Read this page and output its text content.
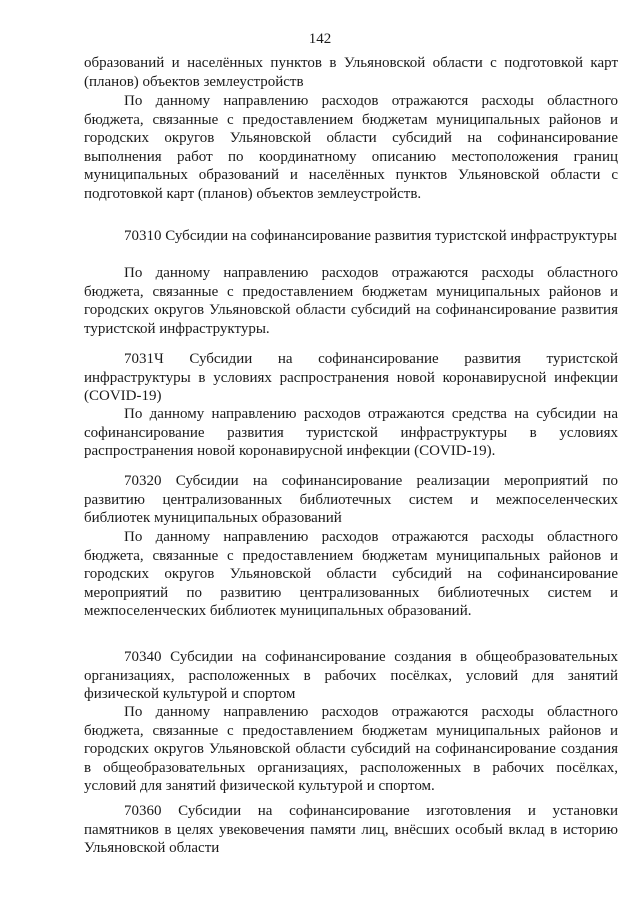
142

образований и населённых пунктов в Ульяновской области с подготовкой карт (планов) объектов землеустройств

По данному направлению расходов отражаются расходы областного бюджета, связанные с предоставлением бюджетам муниципальных районов и городских округов Ульяновской области субсидий на софинансирование выполнения работ по координатному описанию местоположения границ муниципальных образований и населённых пунктов Ульяновской области с подготовкой карт (планов) объектов землеустройств.

70310 Субсидии на софинансирование развития туристской инфраструктуры

По данному направлению расходов отражаются расходы областного бюджета, связанные с предоставлением бюджетам муниципальных районов и городских округов Ульяновской области субсидий на софинансирование развития туристской инфраструктуры.

7031Ч Субсидии на софинансирование развития туристской инфраструктуры в условиях распространения новой коронавирусной инфекции (COVID-19)

По данному направлению расходов отражаются средства на субсидии на софинансирование развития туристской инфраструктуры в условиях распространения новой коронавирусной инфекции (COVID-19).

70320 Субсидии на софинансирование реализации мероприятий по развитию централизованных библиотечных систем и межпоселенческих библиотек муниципальных образований

По данному направлению расходов отражаются расходы областного бюджета, связанные с предоставлением бюджетам муниципальных районов и городских округов Ульяновской области субсидий на софинансирование мероприятий по развитию централизованных библиотечных систем и межпоселенческих библиотек муниципальных образований.

70340 Субсидии на софинансирование создания в общеобразовательных организациях, расположенных в рабочих посёлках, условий для занятий физической культурой и спортом

По данному направлению расходов отражаются расходы областного бюджета, связанные с предоставлением бюджетам муниципальных районов и городских округов Ульяновской области субсидий на софинансирование создания в общеобразовательных организациях, расположенных в рабочих посёлках, условий для занятий физической культурой и спортом.

70360 Субсидии на софинансирование изготовления и установки памятников в целях увековечения памяти лиц, внёсших особый вклад в историю Ульяновской области
